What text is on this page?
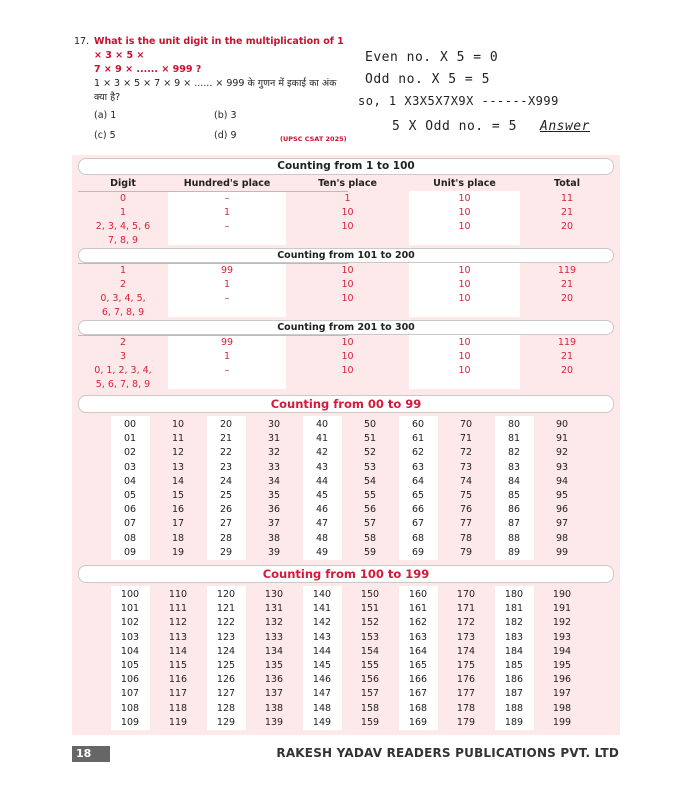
17. What is the unit digit in the multiplication of 1 × 3 × 5 ×
7 × 9 × ...... × 999 ?
1 × 3 × 5 × 7 × 9 × ...... × 999 के गुणन में इकाई का अंक
क्या है?
(a) 1	(b) 3
(c) 5	(d) 9	(UPSC CSAT 2025)
Even no. X 5 = 0
Odd no. X 5 = 5
so, 1 X3X5X7X9X ------X999
5 X Odd no. = 5 Answer
Counting from 1 to 100
Digit	Hundred's place	Ten's place	Unit's place	Total
0	–	1	10	11
1	1	10	10	21
2, 3, 4, 5, 6	–	10	10	20
7, 8, 9
Counting from 101 to 200
1	99	10	10	119
2	1	10	10	21
0, 3, 4, 5,	–	10	10	20
6, 7, 8, 9
Counting from 201 to 300
2	99	10	10	119
3	1	10	10	21
0, 1, 2, 3, 4,	–	10	10	20
5, 6, 7, 8, 9
Counting from 00 to 99
00	10	20	30	40	50	60	70	80	90
01	11	21	31	41	51	61	71	81	91
02	12	22	32	42	52	62	72	82	92
03	13	23	33	43	53	63	73	83	93
04	14	24	34	44	54	64	74	84	94
05	15	25	35	45	55	65	75	85	95
06	16	26	36	46	56	66	76	86	96
07	17	27	37	47	57	67	77	87	97
08	18	28	38	48	58	68	78	88	98
09	19	29	39	49	59	69	79	89	99
Counting from 100 to 199
100	110	120	130	140	150	160	170	180	190
101	111	121	131	141	151	161	171	181	191
102	112	122	132	142	152	162	172	182	192
103	113	123	133	143	153	163	173	183	193
104	114	124	134	144	154	164	174	184	194
105	115	125	135	145	155	165	175	185	195
106	116	126	136	146	156	166	176	186	196
107	117	127	137	147	157	167	177	187	197
108	118	128	138	148	158	168	178	188	198
109	119	129	139	149	159	169	179	189	199
18	RAKESH YADAV READERS PUBLICATIONS PVT. LTD
